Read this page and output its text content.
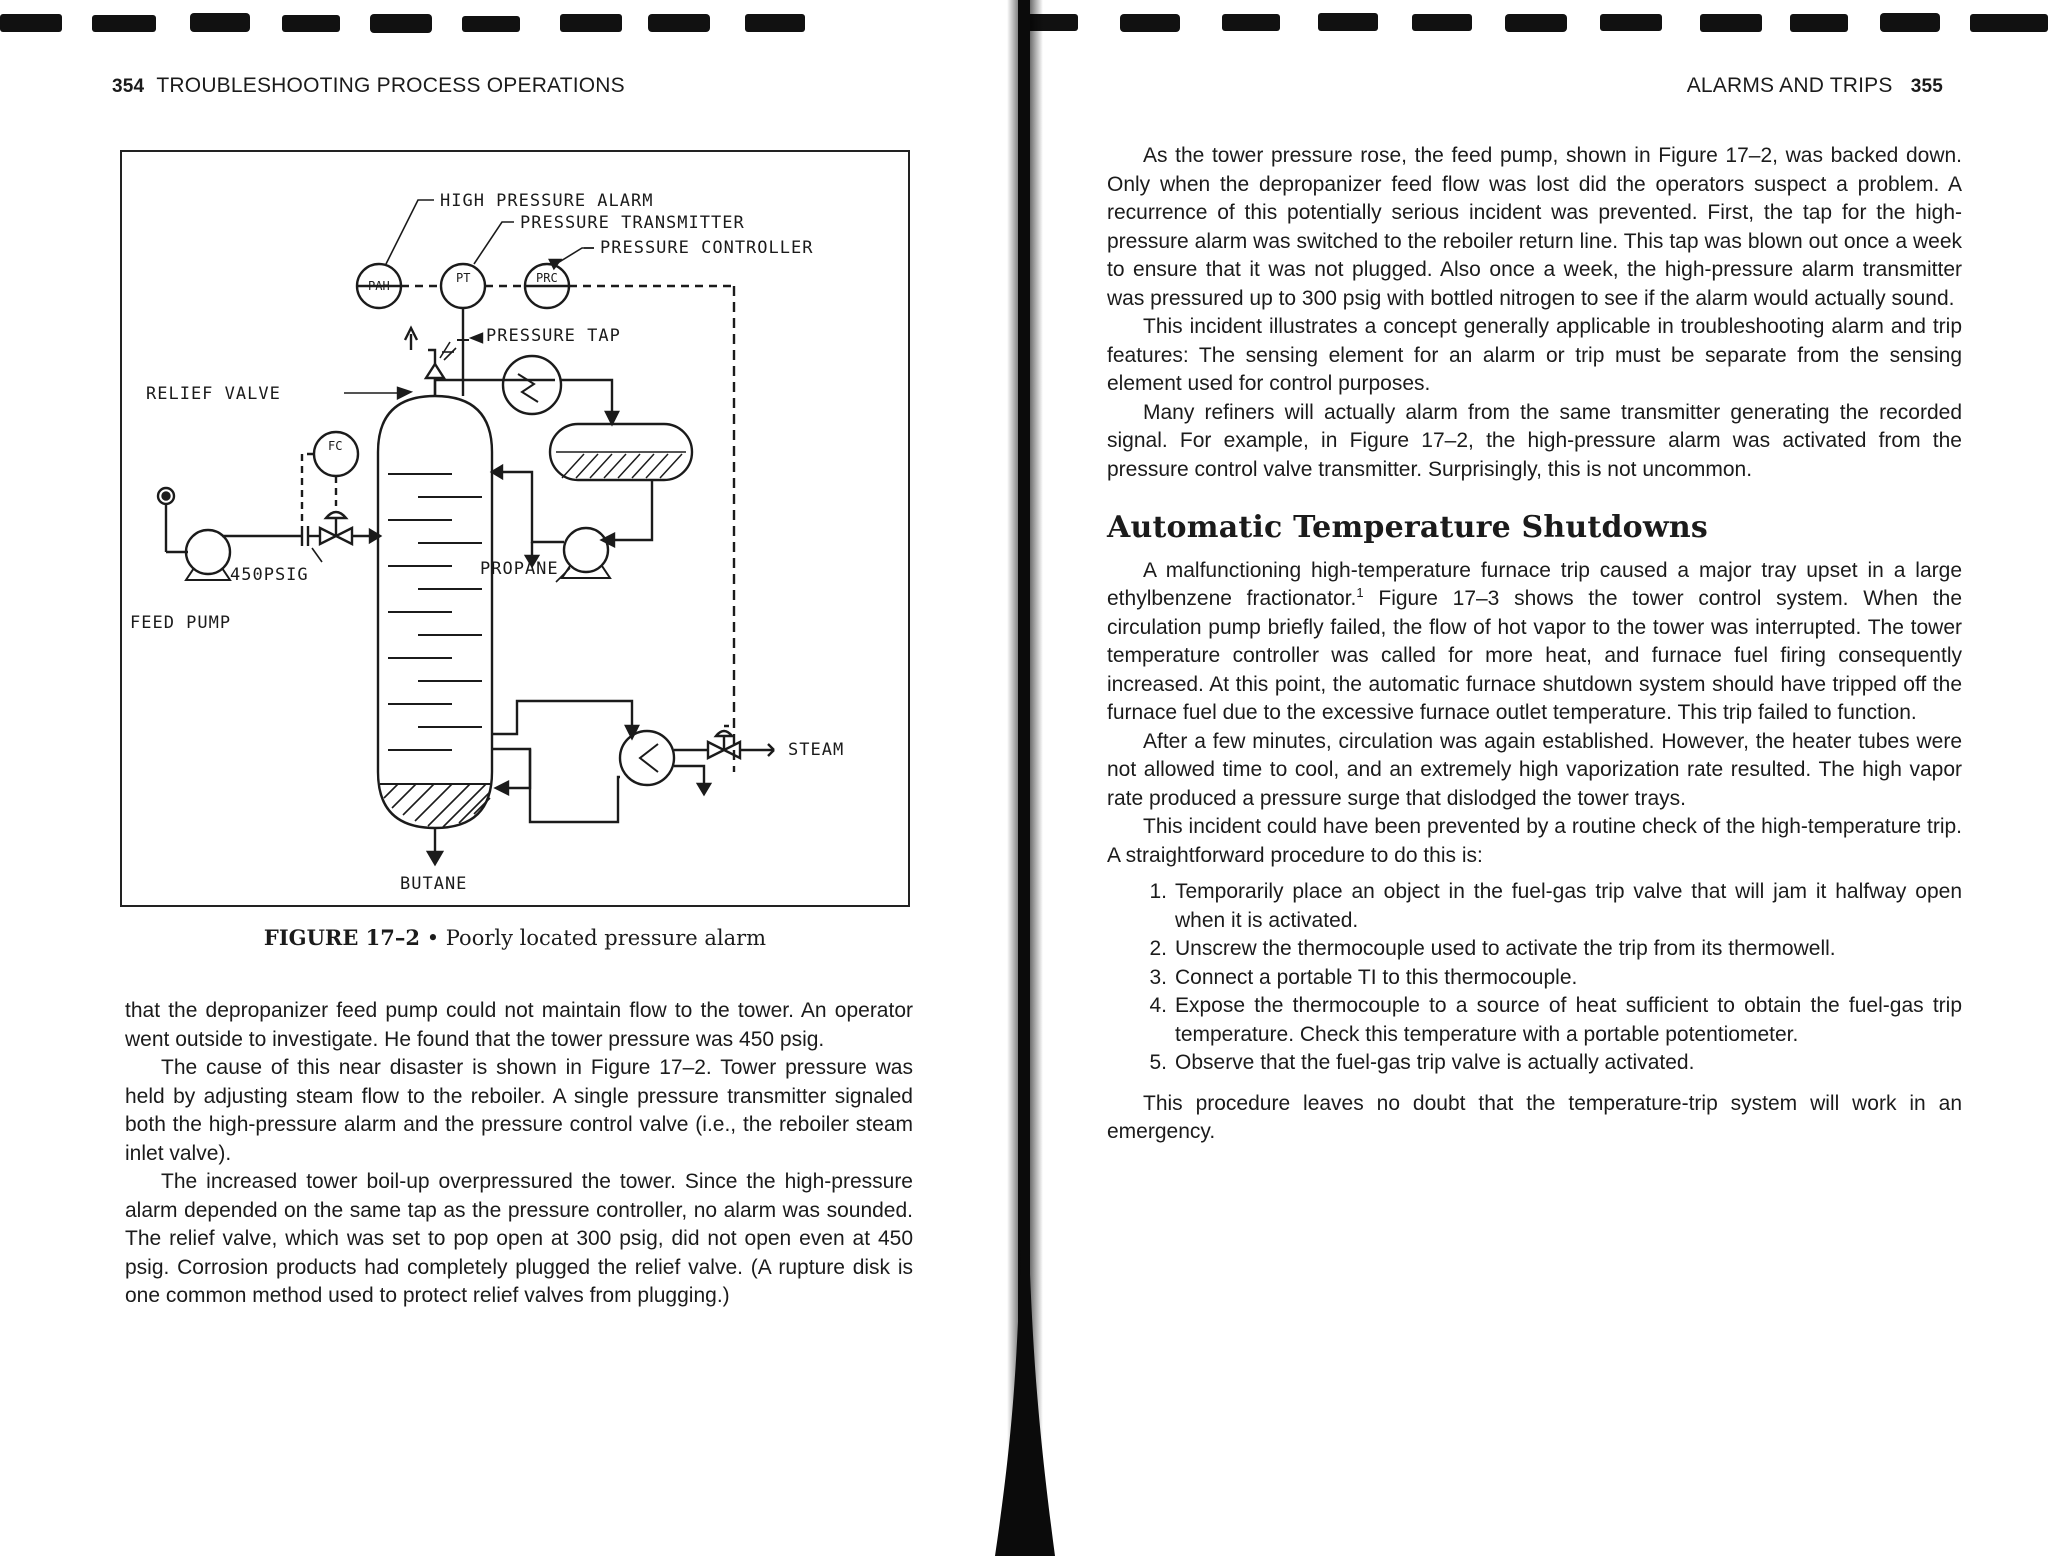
354 TROUBLESHOOTING PROCESS OPERATIONS
HIGH PRESSURE ALARM
PRESSURE TRANSMITTER
PRESSURE CONTROLLER
PRESSURE TAP
RELIEF VALVE
FEED PUMP
450PSIG	PROPANE
STEAM
BUTANE
PAH
PT	PRC
FC
FIGURE 17–2 • Poorly located pressure alarm

that the depropanizer feed pump could not maintain flow to the tower. An operator went outside to investigate. He found that the tower pressure was 450 psig.

The cause of this near disaster is shown in Figure 17–2. Tower pressure was held by adjusting steam flow to the reboiler. A single pressure transmitter signaled both the high-pressure alarm and the pressure control valve (i.e., the reboiler steam inlet valve).

The increased tower boil-up overpressured the tower. Since the high-pressure alarm depended on the same tap as the pressure controller, no alarm was sounded. The relief valve, which was set to pop open at 300 psig, did not open even at 450 psig. Corrosion products had completely plugged the relief valve. (A rupture disk is one common method used to protect relief valves from plugging.)

ALARMS AND TRIPS 355

As the tower pressure rose, the feed pump, shown in Figure 17–2, was backed down. Only when the depropanizer feed flow was lost did the operators suspect a problem. A recurrence of this potentially serious incident was prevented. First, the tap for the high-pressure alarm was switched to the reboiler return line. This tap was blown out once a week to ensure that it was not plugged. Also once a week, the high-pressure alarm transmitter was pressured up to 300 psig with bottled nitrogen to see if the alarm would actually sound.

This incident illustrates a concept generally applicable in troubleshooting alarm and trip features: The sensing element for an alarm or trip must be separate from the sensing element used for control purposes.

Many refiners will actually alarm from the same transmitter generating the recorded signal. For example, in Figure 17–2, the high-pressure alarm was activated from the pressure control valve transmitter. Surprisingly, this is not uncommon.

Automatic Temperature Shutdowns

A malfunctioning high-temperature furnace trip caused a major tray upset in a large ethylbenzene fractionator.$^1$ Figure 17–3 shows the tower control system. When the circulation pump briefly failed, the flow of hot vapor to the tower was interrupted. The tower temperature controller was called for more heat, and furnace fuel firing consequently increased. At this point, the automatic furnace shutdown system should have tripped off the furnace fuel due to the excessive furnace outlet temperature. This trip failed to function.

After a few minutes, circulation was again established. However, the heater tubes were not allowed time to cool, and an extremely high vaporization rate resulted. The high vapor rate produced a pressure surge that dislodged the tower trays.

This incident could have been prevented by a routine check of the high-temperature trip. A straightforward procedure to do this is:

1. Temporarily place an object in the fuel-gas trip valve that will jam it halfway open when it is activated.
2. Unscrew the thermocouple used to activate the trip from its thermowell.
3. Connect a portable TI to this thermocouple.
4. Expose the thermocouple to a source of heat sufficient to obtain the fuel-gas trip temperature. Check this temperature with a portable potentiometer.
5. Observe that the fuel-gas trip valve is actually activated.

This procedure leaves no doubt that the temperature-trip system will work in an emergency.
